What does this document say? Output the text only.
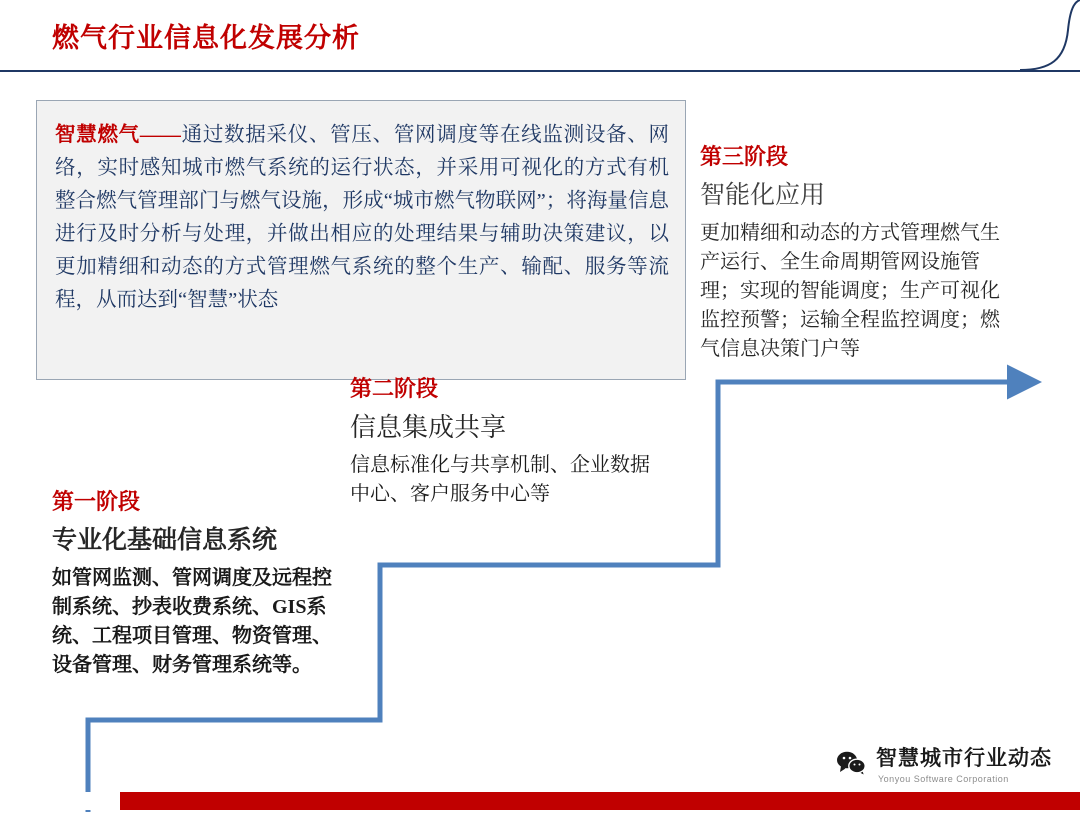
燃气行业信息化发展分析
智慧燃气——通过数据采仪、管压、管网调度等在线监测设备、网络，实时感知城市燃气系统的运行状态，并采用可视化的方式有机整合燃气管理部门与燃气设施，形成“城市燃气物联网”；将海量信息进行及时分析与处理，并做出相应的处理结果与辅助决策建议，以更加精细和动态的方式管理燃气系统的整个生产、输配、服务等流程，从而达到“智慧”状态
第三阶段
智能化应用
更加精细和动态的方式管理燃气生产运行、全生命周期管网设施管理；实现的智能调度；生产可视化监控预警；运输全程监控调度；燃气信息决策门户等
第二阶段
信息集成共享
信息标准化与共享机制、企业数据中心、客户服务中心等
第一阶段
专业化基础信息系统
如管网监测、管网调度及远程控制系统、抄表收费系统、GIS系统、工程项目管理、物资管理、设备管理、财务管理系统等。
智慧城市行业动态
Yonyou Software Corporation
